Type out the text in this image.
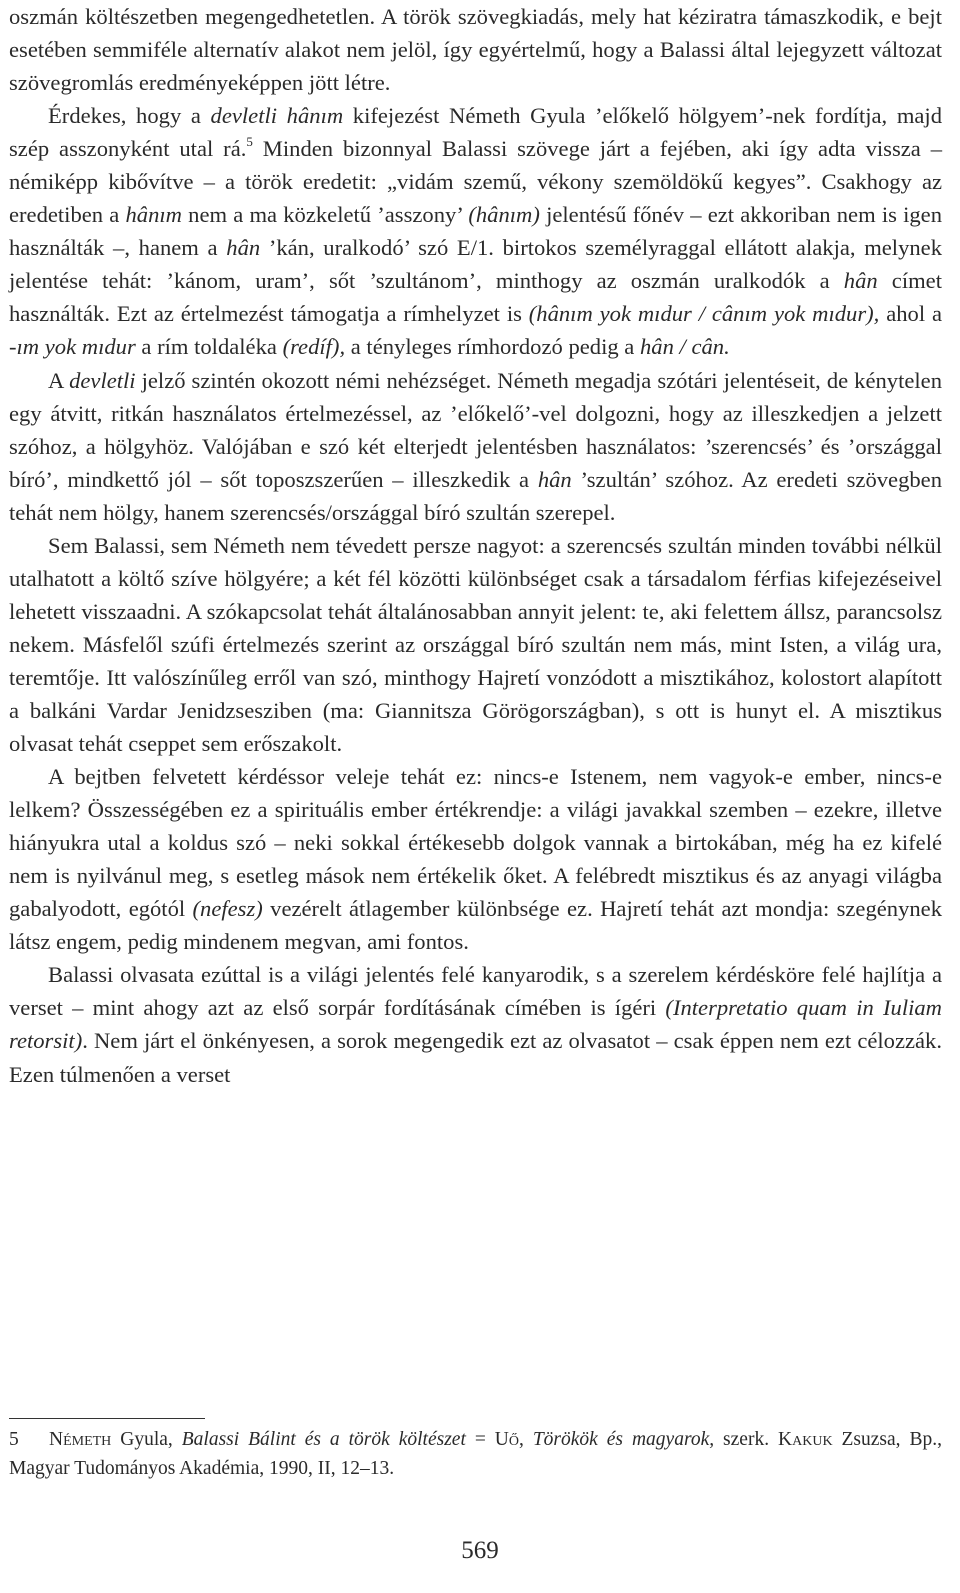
oszmán költészetben megengedhetetlen. A török szövegkiadás, mely hat kéziratra támaszkodik, e bejt esetében semmiféle alternatív alakot nem jelöl, így egyértelmű, hogy a Balassi által lejegyzett változat szövegromlás eredményeképpen jött létre.

Érdekes, hogy a devletli hânım kifejezést Németh Gyula ’előkelő hölgyem’-nek fordítja, majd szép asszonyként utal rá.$^5$ Minden bizonnyal Balassi szövege járt a fejében, aki így adta vissza – némiképp kibővítve – a török eredetit: „vidám szemű, vékony szemöldökű kegyes”. Csakhogy az eredetiben a hânım nem a ma közkeletű ’asszony’ (hânım) jelentésű főnév – ezt akkoriban nem is igen használták –, hanem a hân ’kán, uralkodó’ szó E/1. birtokos személyraggal ellátott alakja, melynek jelentése tehát: ’kánom, uram’, sőt ’szultánom’, minthogy az oszmán uralkodók a hân címet használták. Ezt az értelmezést támogatja a rímhelyzet is (hânım yok mıdur / cânım yok mıdur), ahol a -ım yok mıdur a rím toldaléka (redíf), a tényleges rímhordozó pedig a hân / cân.

A devletli jelző szintén okozott némi nehézséget. Németh megadja szótári jelentéseit, de kénytelen egy átvitt, ritkán használatos értelmezéssel, az ’előkelő’-vel dolgozni, hogy az illeszkedjen a jelzett szóhoz, a hölgyhöz. Valójában e szó két elterjedt jelentésben használatos: ’szerencsés’ és ’országgal bíró’, mindkettő jól – sőt toposzszerűen – illeszkedik a hân ’szultán’ szóhoz. Az eredeti szövegben tehát nem hölgy, hanem szerencsés/országgal bíró szultán szerepel.

Sem Balassi, sem Németh nem tévedett persze nagyot: a szerencsés szultán minden további nélkül utalhatott a költő szíve hölgyére; a két fél közötti különbséget csak a társadalom férfias kifejezéseivel lehetett visszaadni. A szókapcsolat tehát általánosabban annyit jelent: te, aki felettem állsz, parancsolsz nekem. Másfelől szúfi értelmezés szerint az országgal bíró szultán nem más, mint Isten, a világ ura, teremtője. Itt valószínűleg erről van szó, minthogy Hajretí vonzódott a misztikához, kolostort alapított a balkáni Vardar Jenidzsesziben (ma: Giannitsza Görögországban), s ott is hunyt el. A misztikus olvasat tehát cseppet sem erőszakolt.

A bejtben felvetett kérdéssor veleje tehát ez: nincs-e Istenem, nem vagyok-e ember, nincs-e lelkem? Összességében ez a spirituális ember értékrendje: a világi javakkal szemben – ezekre, illetve hiányukra utal a koldus szó – neki sokkal értékesebb dolgok vannak a birtokában, még ha ez kifelé nem is nyilvánul meg, s esetleg mások nem értékelik őket. A felébredt misztikus és az anyagi világba gabalyodott, egótól (nefesz) vezérelt átlagember különbsége ez. Hajretí tehát azt mondja: szegénynek látsz engem, pedig mindenem megvan, ami fontos.

Balassi olvasata ezúttal is a világi jelentés felé kanyarodik, s a szerelem kérdésköre felé hajlítja a verset – mint ahogy azt az első sorpár fordításának címében is ígéri (Interpretatio quam in Iuliam retorsit). Nem járt el önkényesen, a sorok megengedik ezt az olvasatot – csak éppen nem ezt célozzák. Ezen túlmenően a verset

5 Németh Gyula, Balassi Bálint és a török költészet = Uő, Törökök és magyarok, szerk. Kakuk Zsuzsa, Bp., Magyar Tudományos Akadémia, 1990, II, 12–13.
569
